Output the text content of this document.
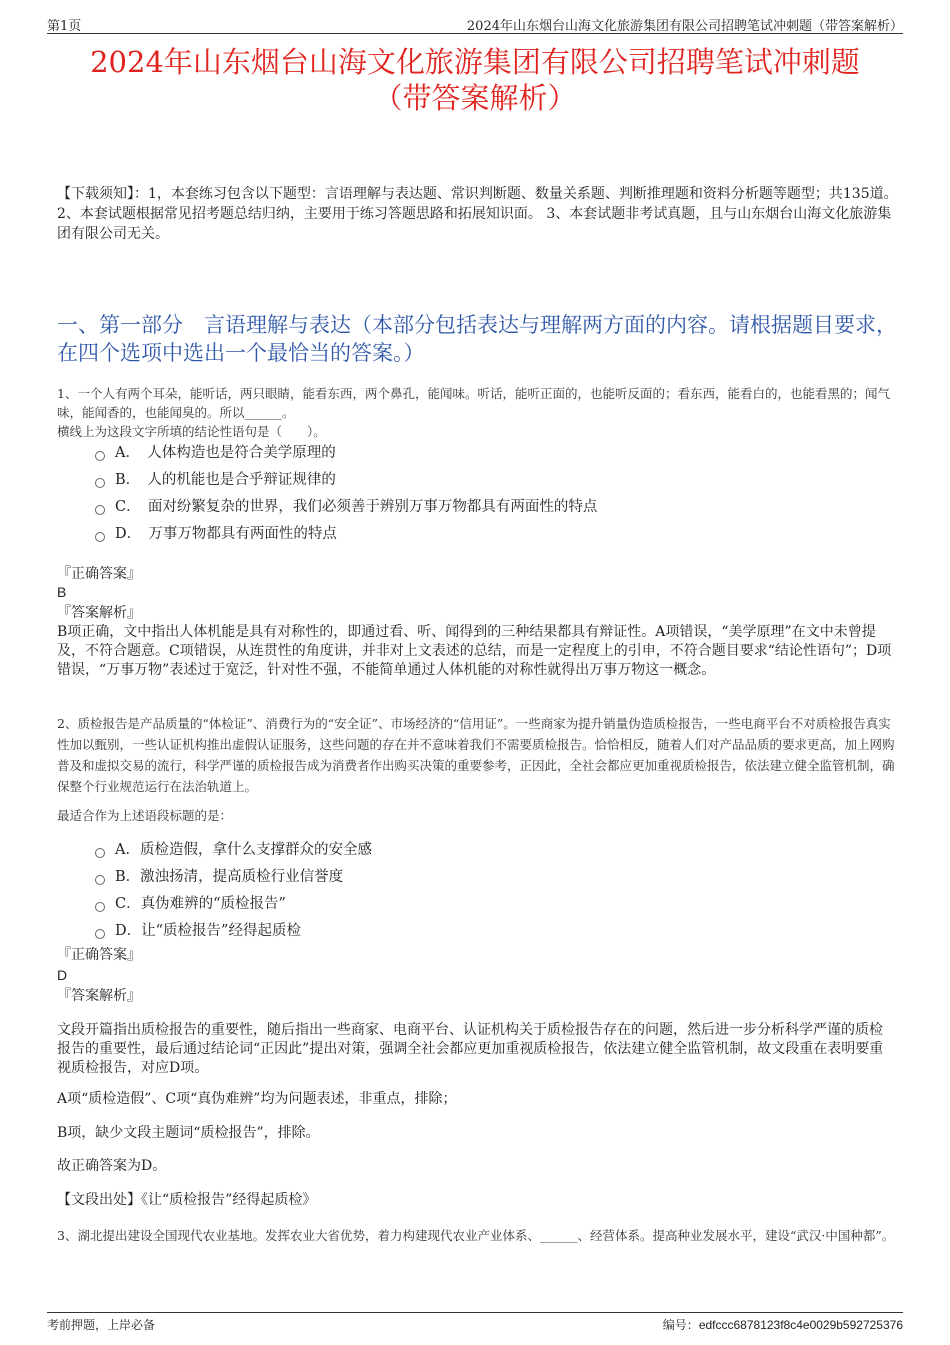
第1页	2024年山东烟台山海文化旅游集团有限公司招聘笔试冲刺题（带答案解析）
2024年山东烟台山海文化旅游集团有限公司招聘笔试冲刺题
（带答案解析）
【下载须知】：1，本套练习包含以下题型：言语理解与表达题、常识判断题、数量关系题、判断推理题和资料分析题等题型；共135道。 2、本套试题根据常见招考题总结归纳，主要用于练习答题思路和拓展知识面。 3、本套试题非考试真题，且与山东烟台山海文化旅游集团有限公司无关。
一、第一部分　言语理解与表达（本部分包括表达与理解两方面的内容。请根据题目要求，在四个选项中选出一个最恰当的答案。）
1、一个人有两个耳朵，能听话，两只眼睛，能看东西，两个鼻孔，能闻味。听话，能听正面的，也能听反面的；看东西，能看白的，也能看黑的；闻气味，能闻香的，也能闻臭的。所以______。
横线上为这段文字所填的结论性语句是（　　）。
A．　人体构造也是符合美学原理的
B．　人的机能也是合乎辩证规律的
C．　面对纷繁复杂的世界，我们必须善于辨别万事万物都具有两面性的特点
D．　万事万物都具有两面性的特点
『正确答案』
B
『答案解析』
B项正确，文中指出人体机能是具有对称性的，即通过看、听、闻得到的三种结果都具有辩证性。A项错误，“美学原理”在文中未曾提及，不符合题意。C项错误，从连贯性的角度讲，并非对上文表述的总结，而是一定程度上的引申，不符合题目要求“结论性语句”；D项错误，“万事万物”表述过于宽泛，针对性不强，不能简单通过人体机能的对称性就得出万事万物这一概念。
2、质检报告是产品质量的“体检证”、消费行为的“安全证”、市场经济的“信用证”。一些商家为提升销量伪造质检报告，一些电商平台不对质检报告真实性加以甄别，一些认证机构推出虚假认证服务，这些问题的存在并不意味着我们不需要质检报告。恰恰相反，随着人们对产品品质的要求更高，加上网购普及和虚拟交易的流行，科学严谨的质检报告成为消费者作出购买决策的重要参考，正因此，全社会都应更加重视质检报告，依法建立健全监管机制，确保整个行业规范运行在法治轨道上。
最适合作为上述语段标题的是：
A．质检造假，拿什么支撑群众的安全感
B．激浊扬清，提高质检行业信誉度
C．真伪难辨的“质检报告”
D．让“质检报告”经得起质检
『正确答案』
D
『答案解析』
文段开篇指出质检报告的重要性，随后指出一些商家、电商平台、认证机构关于质检报告存在的问题，然后进一步分析科学严谨的质检报告的重要性，最后通过结论词“正因此”提出对策，强调全社会都应更加重视质检报告，依法建立健全监管机制，故文段重在表明要重视质检报告，对应D项。
A项“质检造假”、C项“真伪难辨”均为问题表述，非重点，排除；
B项，缺少文段主题词“质检报告”，排除。
故正确答案为D。
【文段出处】《让“质检报告”经得起质检》
3、湖北提出建设全国现代农业基地。发挥农业大省优势，着力构建现代农业产业体系、______、经营体系。提高种业发展水平，建设“武汉·中国种都”。
考前押题，上岸必备	编号：edfccc6878123f8c4e0029b592725376
